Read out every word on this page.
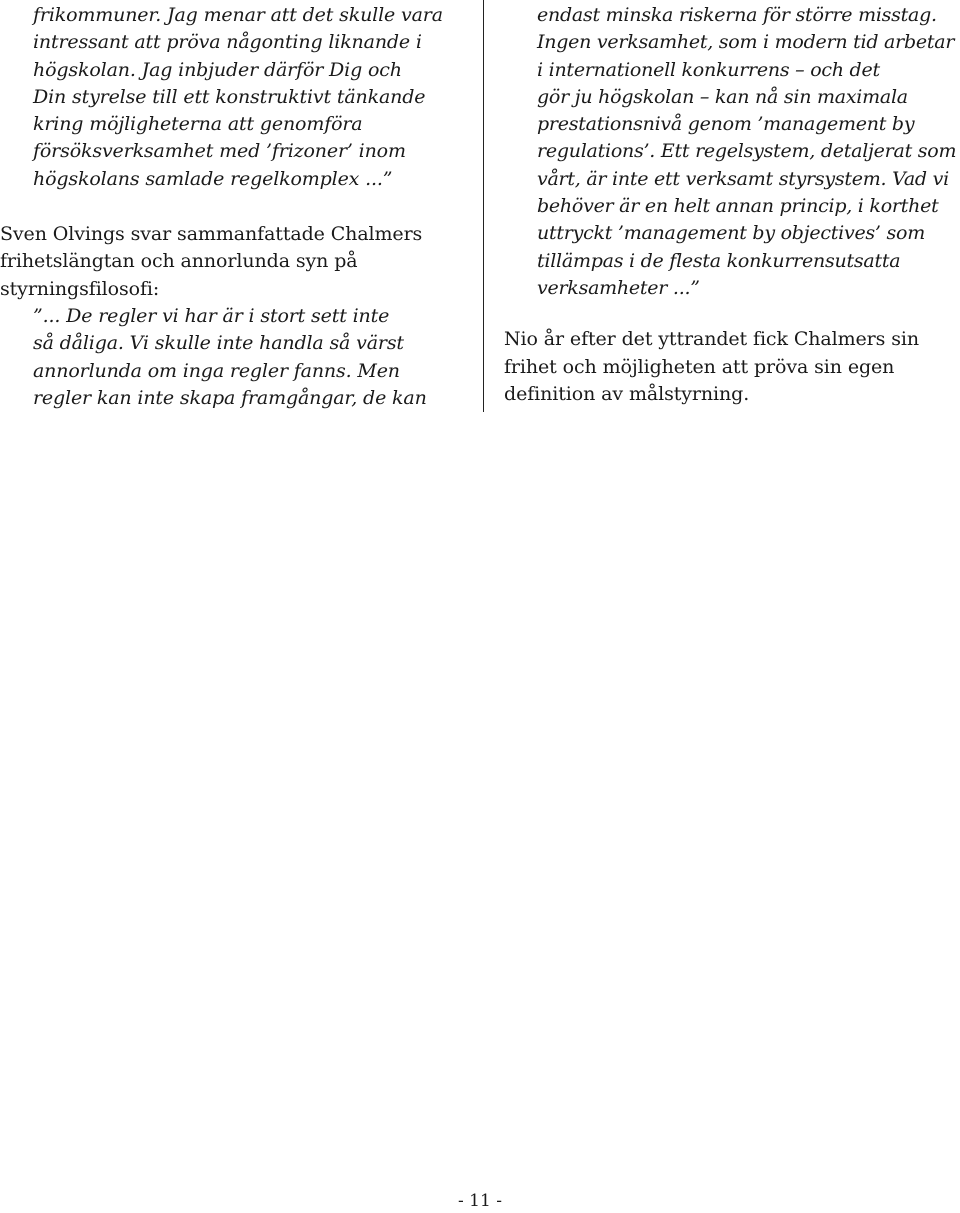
frikommuner. Jag menar att det skulle vara
intressant att pröva någonting liknande i
högskolan. Jag inbjuder därför Dig och
Din styrelse till ett konstruktivt tänkande
kring möjligheterna att genomföra
försöksverksamhet med ’frizoner’ inom
högskolans samlade regelkomplex ...”
Sven Olvings svar sammanfattade Chalmers
frihetslängtan och annorlunda syn på
styrningsfilosofi:
”... De regler vi har är i stort sett inte
så dåliga. Vi skulle inte handla så värst
annorlunda om inga regler fanns. Men
regler kan inte skapa framgångar, de kan
endast minska riskerna för större misstag.
Ingen verksamhet, som i modern tid arbetar
i internationell konkurrens – och det
gör ju högskolan – kan nå sin maximala
prestationsnivå genom ’management by
regulations’. Ett regelsystem, detaljerat som
vårt, är inte ett verksamt styrsystem. Vad vi
behöver är en helt annan princip, i korthet
uttryckt ’management by objectives’ som
tillämpas i de flesta konkurrensutsatta
verksamheter ...”
Nio år efter det yttrandet fick Chalmers sin
frihet och möjligheten att pröva sin egen
definition av målstyrning.
- 11 -
